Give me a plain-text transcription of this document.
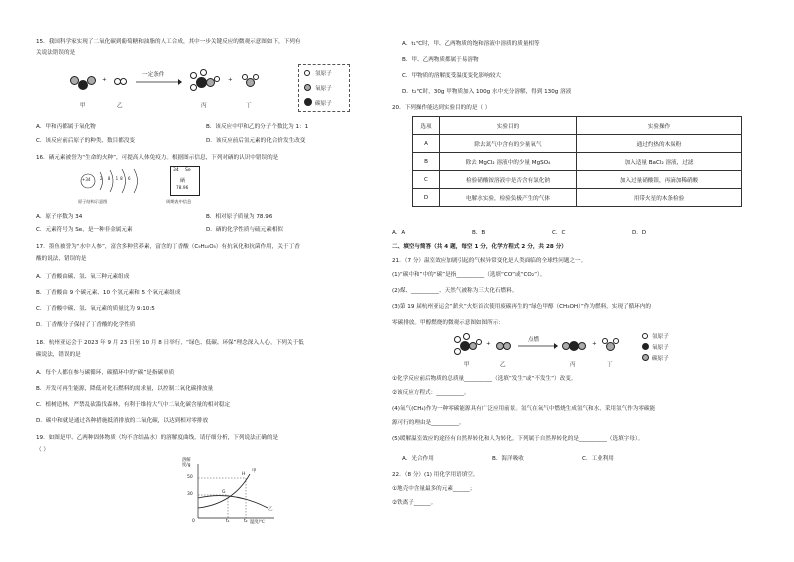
15．我国科学家实现了二氧化碳到葡萄糖和油脂的人工合成，其中一步关键反应的微观示意图如下，下列有
关说法错误的是
+
一定条件
+
甲	乙	丙	丁
氢原子
氧原子
碳原子
A．甲和丙都属于氧化物	B．该反应中甲和乙的分子个数比为 1：1
C．该反应前后原子的种类、数目都没变	D．该反应前后氢元素的化合价发生改变
16．硒元素被誉为“生命的火种”，可提高人体免疫力。根据图示信息，下列对硒的认识中错误的是
+34 2 8 18 6
原子结构示意图
34 Se
硒
78.96
周期表中信息
A．原子序数为 34	B．相对原子质量为 78.96
C．元素符号为 Se，是一种非金属元素	D．硒的化学性质与硫元素相似
17．墨鱼被誉为“水中人参”，富含多种营养素，富含的丁香酸（C₉H₁₀O₅）有抗氧化和抗菌作用，关于丁香
酸的说法，错误的是
A．丁香酸由碳、氢、氧三种元素组成
B．丁香酸由 9 个碳元素、10 个氢元素和 5 个氧元素组成
C．丁香酸中碳、氢、氧元素的质量比为 9:10:5
D．丁香酸分子保持了丁香酸的化学性质
18．杭州亚运会于 2023 年 9 月 23 日至 10 月 8 日举行，“绿色、低碳、环保”理念深入人心，下列关于低
碳说法，错误的是
A．每个人都在参与碳循环，碳循环中的“碳”是指碳单质
B．开发可再生能源，降低对化石燃料的需求量，以控制二氧化碳排放量
C．植树造林，严禁乱砍滥伐森林，有利于维持大气中二氧化碳含量的相对稳定
D．碳中和就是通过各种措施抵消排放的二氧化碳，以达到相对零排放
19．如图是甲、乙两种固体物质（均不含结晶水）的溶解度曲线，请仔细分析，下列说法正确的是
（ ）
溶解度/g
50
30
0	t₁	t₂ 温度/℃
G
H
甲
乙
A．t₁℃时，甲、乙两物质的饱和溶液中溶质的质量相等
B．甲、乙两物质都属于易溶物
C．甲物质的溶解度受温度变化影响较大
D．t₂℃时，30g 甲物质加入 100g 水中充分溶解，得到 130g 溶液
20．下列操作能达到实验目的的是（ ）
选项	实验目的	实验操作
A	除去氮气中含有的少量氧气	通过灼热的木炭粉
B	除去 MgCl₂ 溶液中的少量 MgSO₄	加入适量 BaCl₂ 溶液，过滤
C	检验硝酸铵溶液中是否含有氯化钠	加入过量硝酸银，再滴加稀硝酸
D	电解水实验，检验负极产生的气体	用带火星的木条检验
A．A	B．B	C．C	D．D
二、填空与简答（共 4 题，每空 1 分，化学方程式 2 分，共 28 分）
21．（7 分）温室效应加剧引起的气候异常变化是人类面临的全球性问题之一。
(1)“碳中和”中的“碳”是指__________（选填“CO”或“CO₂”）。
(2)煤、__________、天然气被称为三大化石燃料。
(3)第 19 届杭州亚运会“薪火”火炬首次使用废碳再生的“绿色甲醇（CH₃OH）”作为燃料，实现了循环内的
零碳排放。甲醇燃烧的微观示意图如图所示：
+
点燃
+
甲	乙	丙	丁
氢原子
氧原子
碳原子
①化学反应前后物质的总质量__________（选填“发生”或“不发生”）改变。
②该反应方程式：__________。
(4)氧气(CH₄)作为一种零碳能源具有广泛应用前景。氢气在氧气中燃烧生成氢气和水，采用氢气作为零碳能
源可行的理由是__________。
(5)缓解温室效应的途径有自然界转化和人为转化。下列属于自然界转化的是__________（选填字母）。
A．光合作用	B．海洋吸收	C．工业利用
22．（8 分）(1) 用化学用语填空。
①地壳中含量最多的元素______；
②铁离子______。
